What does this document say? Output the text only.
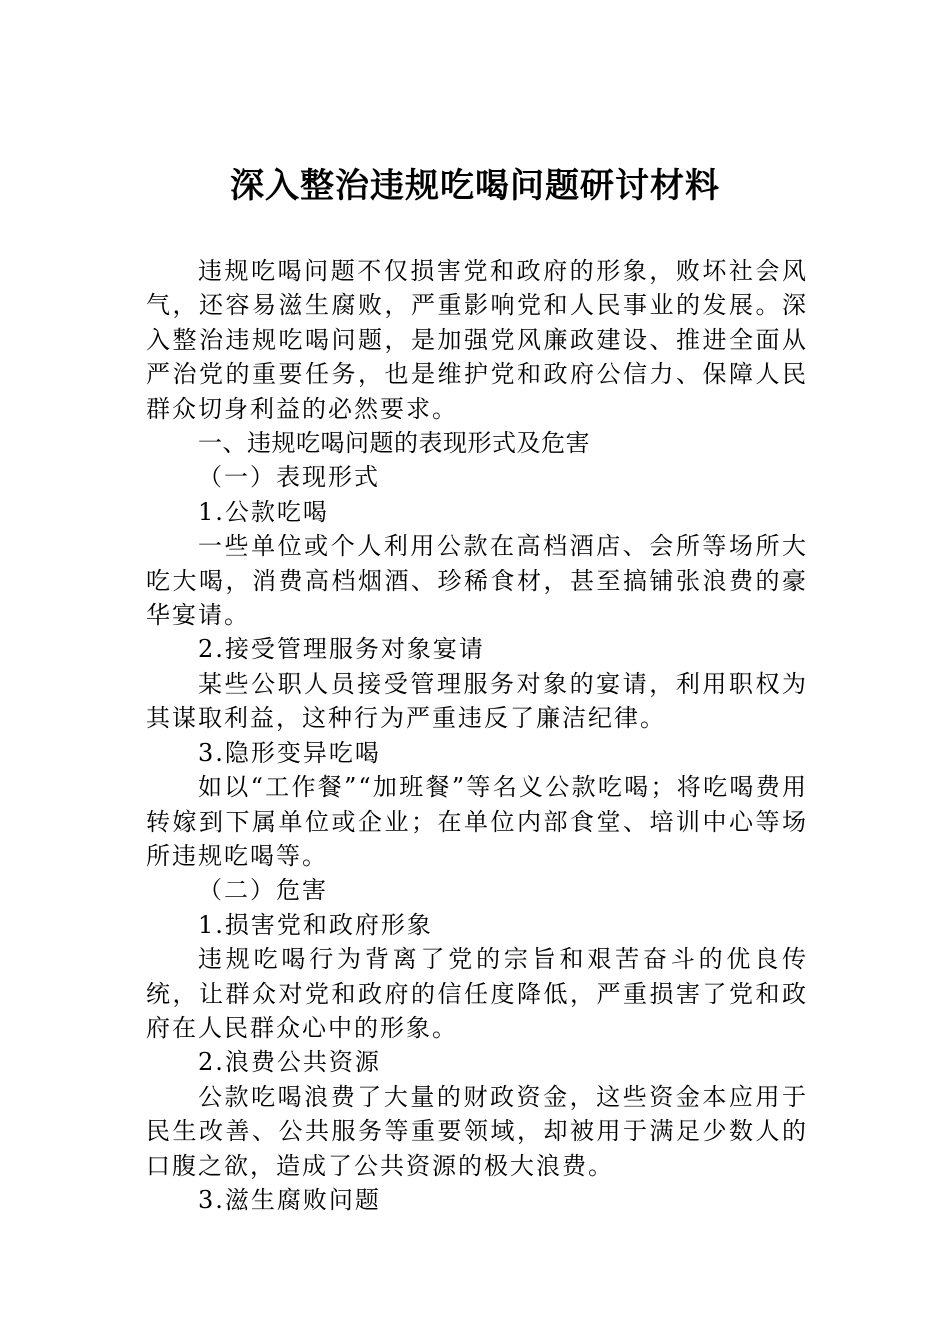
深入整治违规吃喝问题研讨材料

违规吃喝问题不仅损害党和政府的形象，败坏社会风气，还容易滋生腐败，严重影响党和人民事业的发展。深入整治违规吃喝问题，是加强党风廉政建设、推进全面从严治党的重要任务，也是维护党和政府公信力、保障人民群众切身利益的必然要求。

一、违规吃喝问题的表现形式及危害

（一）表现形式

1.公款吃喝

一些单位或个人利用公款在高档酒店、会所等场所大吃大喝，消费高档烟酒、珍稀食材，甚至搞铺张浪费的豪华宴请。

2.接受管理服务对象宴请

某些公职人员接受管理服务对象的宴请，利用职权为其谋取利益，这种行为严重违反了廉洁纪律。

3.隐形变异吃喝

如以“工作餐”“加班餐”等名义公款吃喝；将吃喝费用转嫁到下属单位或企业；在单位内部食堂、培训中心等场所违规吃喝等。

（二）危害

1.损害党和政府形象

违规吃喝行为背离了党的宗旨和艰苦奋斗的优良传统，让群众对党和政府的信任度降低，严重损害了党和政府在人民群众心中的形象。

2.浪费公共资源

公款吃喝浪费了大量的财政资金，这些资金本应用于民生改善、公共服务等重要领域，却被用于满足少数人的口腹之欲，造成了公共资源的极大浪费。

3.滋生腐败问题
